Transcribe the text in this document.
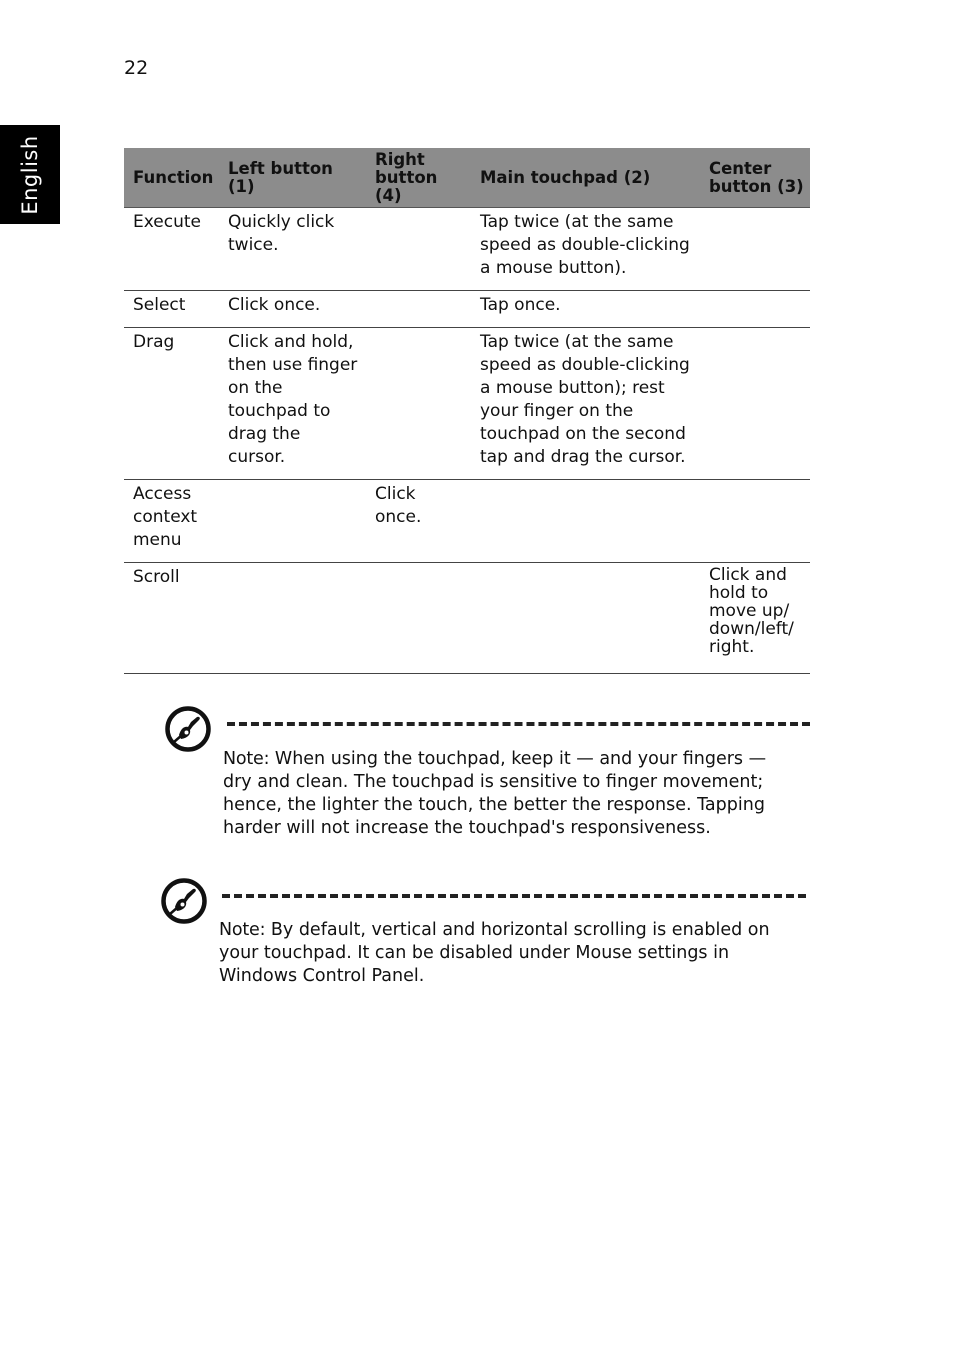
22
English	Function	Left button (1)	Right button (4)	Main touchpad (2)	Center button (3)
Execute	Quickly click twice.		Tap twice (at the same speed as double-clicking a mouse button).	
Select	Click once.		Tap once.	
Drag	Click and hold, then use finger on the touchpad to drag the cursor.		Tap twice (at the same speed as double-clicking a mouse button); rest your finger on the touchpad on the second tap and drag the cursor.	
Access context menu		Click once.		
Scroll				Click and hold to move up/ down/left/ right.
Note: When using the touchpad, keep it — and your fingers — dry and clean. The touchpad is sensitive to finger movement; hence, the lighter the touch, the better the response. Tapping harder will not increase the touchpad's responsiveness.
Note: By default, vertical and horizontal scrolling is enabled on your touchpad. It can be disabled under Mouse settings in Windows Control Panel.
